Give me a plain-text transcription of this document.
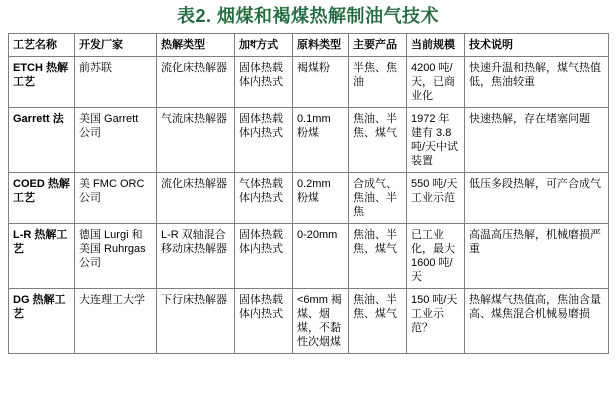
表2. 烟煤和褐煤热解制油气技术
工艺名称	开发厂家	热解类型	加ধ方式	原料类型	主要产品	当前规模	技术说明
ETCH 热解工艺	前苏联	流化床热解器	固体热载体内热式	褐煤粉	半焦、焦油	4200 吨/天，已商业化	快速升温和热解，煤气热值低，焦油较重
Garrett 法	美国 Garrett 公司	气流床热解器	固体热载体内热式	0.1mm 粉煤	焦油、半焦、煤气	1972 年建有 3.8 吨/天中试装置	快速热解，存在堵塞问题
COED 热解工艺	美 FMC ORC 公司	流化床热解器	气体热载体内热式	0.2mm 粉煤	合成气、焦油、半焦	550 吨/天工业示范	低压多段热解，可产合成气
L-R 热解工艺	德国 Lurgi 和美国 Ruhrgas 公司	L-R 双轴混合移动床热解器	固体热载体内热式	0-20mm	焦油、半焦、煤气	已工业化，最大 1600 吨/天	高温高压热解，机械磨损严重
DG 热解工艺	大连理工大学	下行床热解器	固体热载体内热式	<6mm 褐煤、烟煤，不黏性次烟煤	焦油、半焦、煤气	150 吨/天工业示范？	热解煤气热值高，焦油含量高、煤焦混合机械易磨损
